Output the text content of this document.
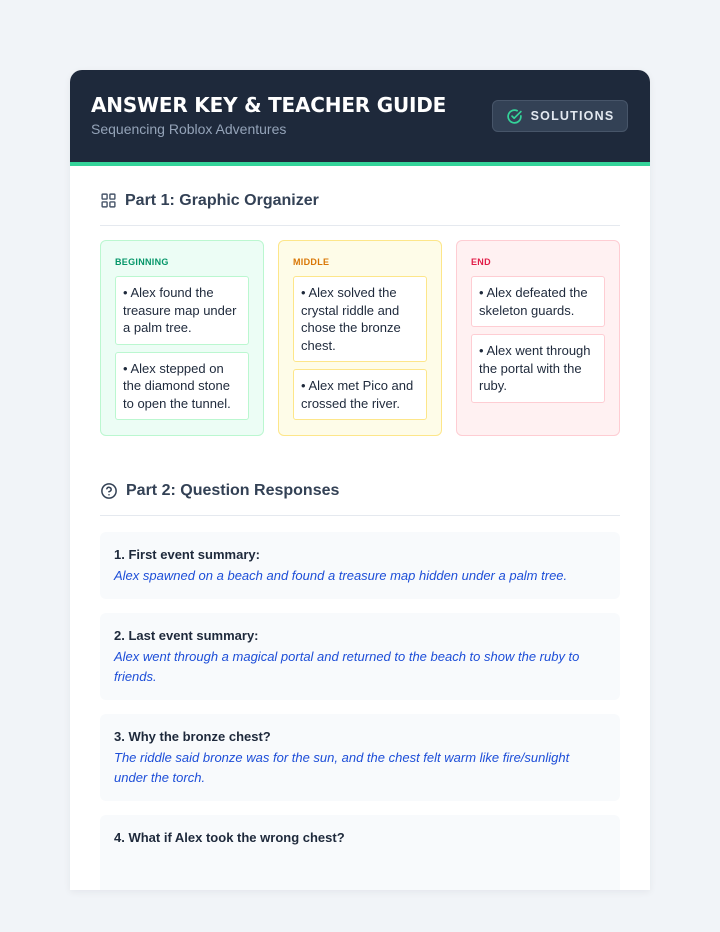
ANSWER KEY & TEACHER GUIDE
Sequencing Roblox Adventures
SOLUTIONS
Part 1: Graphic Organizer
BEGINNING
• Alex found the treasure map under a palm tree.
• Alex stepped on the diamond stone to open the tunnel.
MIDDLE
• Alex solved the crystal riddle and chose the bronze chest.
• Alex met Pico and crossed the river.
END
• Alex defeated the skeleton guards.
• Alex went through the portal with the ruby.
Part 2: Question Responses
1. First event summary:
Alex spawned on a beach and found a treasure map hidden under a palm tree.
2. Last event summary:
Alex went through a magical portal and returned to the beach to show the ruby to friends.
3. Why the bronze chest?
The riddle said bronze was for the sun, and the chest felt warm like fire/sunlight under the torch.
4. What if Alex took the wrong chest?
